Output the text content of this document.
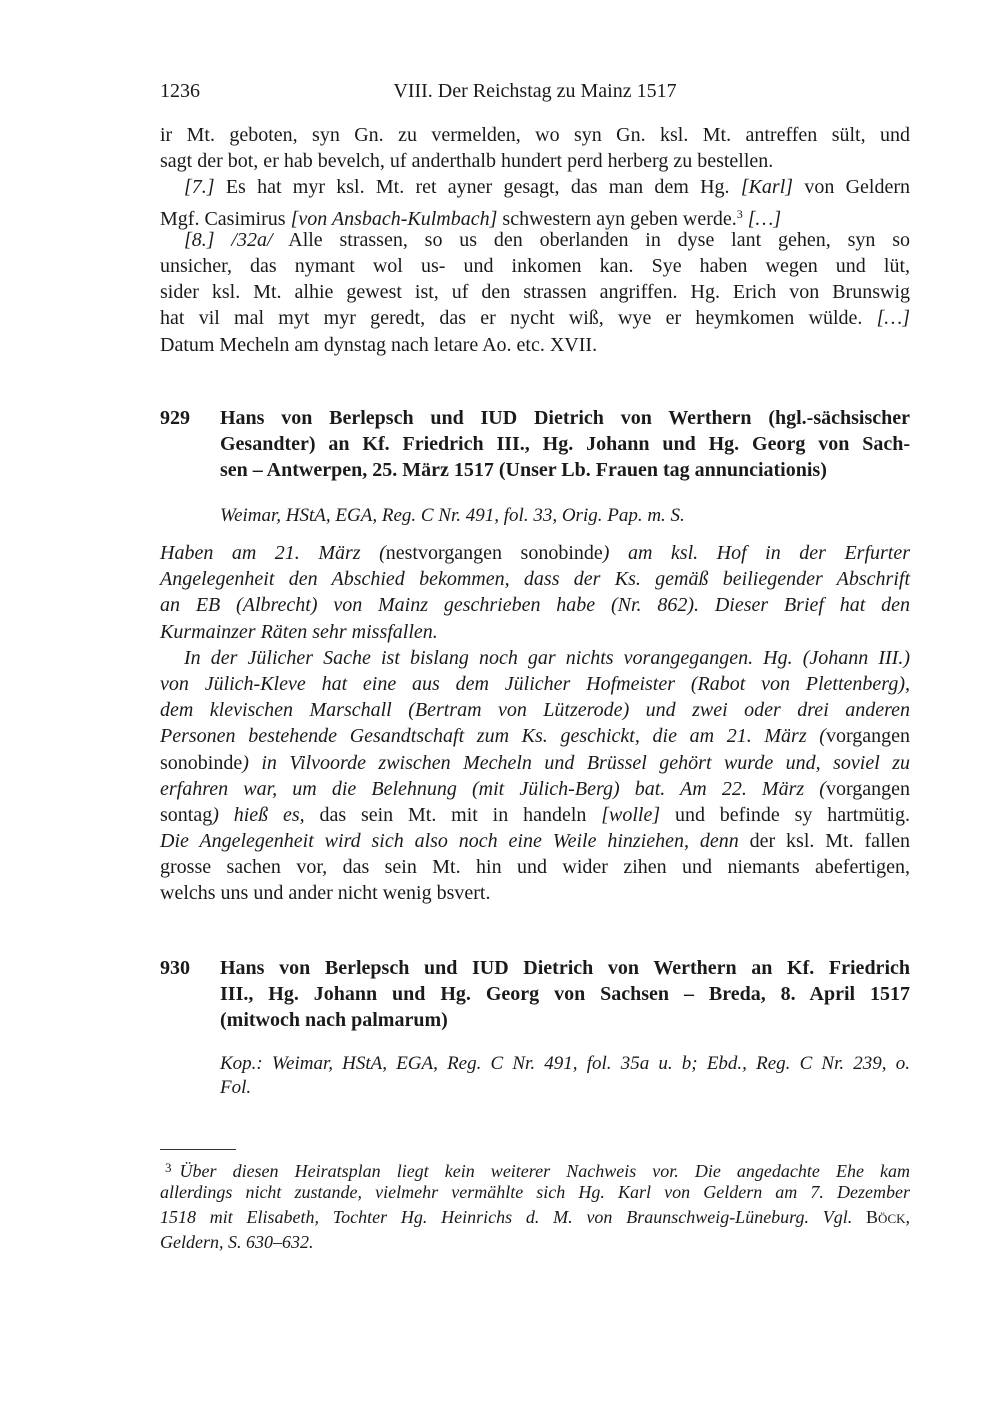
1236	VIII. Der Reichstag zu Mainz 1517
ir Mt. geboten, syn Gn. zu vermelden, wo syn Gn. ksl. Mt. antreffen sült, und
sagt der bot, er hab bevelch, uf anderthalb hundert perd herberg zu bestellen.
[7.] Es hat myr ksl. Mt. ret ayner gesagt, das man dem Hg. [Karl] von Geldern
Mgf. Casimirus [von Ansbach-Kulmbach] schwestern ayn geben werde.$^3$ […]
[8.] /32a/ Alle strassen, so us den oberlanden in dyse lant gehen, syn so
unsicher, das nymant wol us- und inkomen kan. Sye haben wegen und lüt,
sider ksl. Mt. alhie gewest ist, uf den strassen angriffen. Hg. Erich von Brunswig
hat vil mal myt myr geredt, das er nycht wiß, wye er heymkomen wülde. […]
Datum Mecheln am dynstag nach letare Ao. etc. XVII.
929 Hans von Berlepsch und IUD Dietrich von Werthern (hgl.-sächsischer
Gesandter) an Kf. Friedrich III., Hg. Johann und Hg. Georg von Sach-
sen – Antwerpen, 25. März 1517 (Unser Lb. Frauen tag annunciationis)
Weimar, HStA, EGA, Reg. C Nr. 491, fol. 33, Orig. Pap. m. S.
Haben am 21. März (nestvorgangen sonobinde) am ksl. Hof in der Erfurter
Angelegenheit den Abschied bekommen, dass der Ks. gemäß beiliegender Abschrift
an EB (Albrecht) von Mainz geschrieben habe (Nr. 862). Dieser Brief hat den
Kurmainzer Räten sehr missfallen.
In der Jülicher Sache ist bislang noch gar nichts vorangegangen. Hg. (Johann III.)
von Jülich-Kleve hat eine aus dem Jülicher Hofmeister (Rabot von Plettenberg),
dem klevischen Marschall (Bertram von Lützerode) und zwei oder drei anderen
Personen bestehende Gesandtschaft zum Ks. geschickt, die am 21. März (vorgangen
sonobinde) in Vilvoorde zwischen Mecheln und Brüssel gehört wurde und, soviel zu
erfahren war, um die Belehnung (mit Jülich-Berg) bat. Am 22. März (vorgangen
sontag) hieß es, das sein Mt. mit in handeln [wolle] und befinde sy hartmütig.
Die Angelegenheit wird sich also noch eine Weile hinziehen, denn der ksl. Mt. fallen
grosse sachen vor, das sein Mt. hin und wider zihen und niemants abefertigen,
welchs uns und ander nicht wenig bsvert.
930 Hans von Berlepsch und IUD Dietrich von Werthern an Kf. Friedrich
III., Hg. Johann und Hg. Georg von Sachsen – Breda, 8. April 1517
(mitwoch nach palmarum)
Kop.: Weimar, HStA, EGA, Reg. C Nr. 491, fol. 35a u. b; Ebd., Reg. C Nr. 239, o.
Fol.
$^3$ Über diesen Heiratsplan liegt kein weiterer Nachweis vor. Die angedachte Ehe kam
allerdings nicht zustande, vielmehr vermählte sich Hg. Karl von Geldern am 7. Dezember
1518 mit Elisabeth, Tochter Hg. Heinrichs d. M. von Braunschweig-Lüneburg. Vgl. Böck,
Geldern, S. 630–632.
